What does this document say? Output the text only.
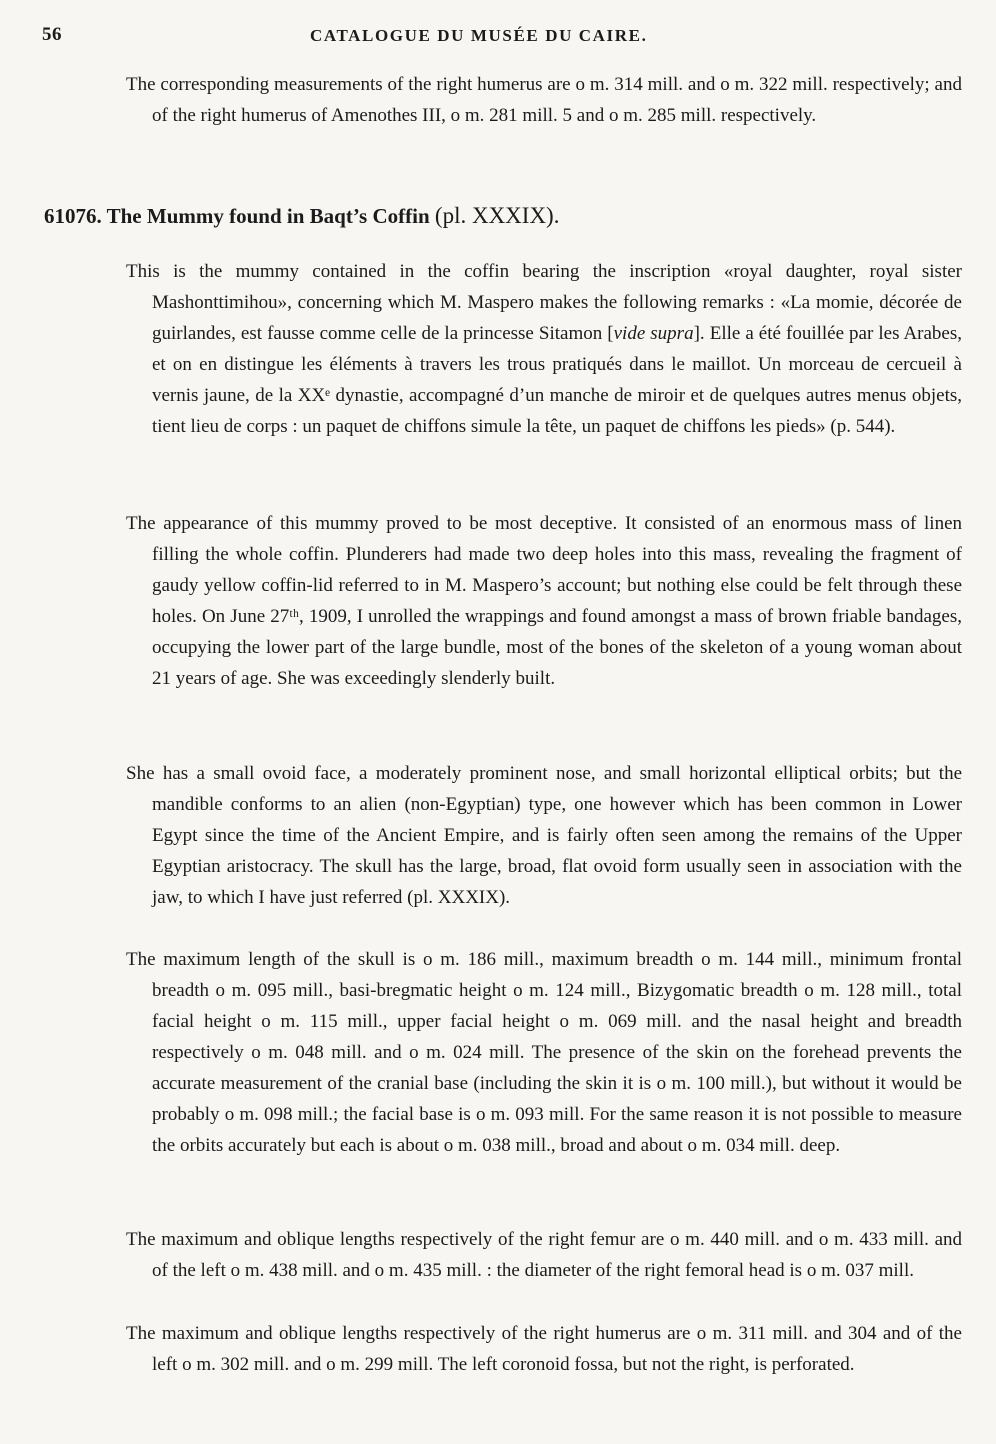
56	CATALOGUE DU MUSÉE DU CAIRE.

The corresponding measurements of the right humerus are o m. 314 mill. and o m. 322 mill. respectively; and of the right humerus of Amenothes III, o m. 281 mill. 5 and o m. 285 mill. respectively.

61076. The Mummy found in Baqt’s Coffin (pl. XXXIX).

This is the mummy contained in the coffin bearing the inscription «royal daughter, royal sister Mashonttimihou», concerning which M. Maspero makes the following remarks : «La momie, décorée de guirlandes, est fausse comme celle de la princesse Sitamon [vide supra]. Elle a été fouillée par les Arabes, et on en distingue les éléments à travers les trous pratiqués dans le maillot. Un morceau de cercueil à vernis jaune, de la XXᵉ dynastie, accompagné d’un manche de miroir et de quelques autres menus objets, tient lieu de corps : un paquet de chiffons simule la tête, un paquet de chiffons les pieds» (p. 544).

The appearance of this mummy proved to be most deceptive. It consisted of an enormous mass of linen filling the whole coffin. Plunderers had made two deep holes into this mass, revealing the fragment of gaudy yellow coffin-lid referred to in M. Maspero’s account; but nothing else could be felt through these holes. On June 27ᵗʰ, 1909, I unrolled the wrappings and found amongst a mass of brown friable bandages, occupying the lower part of the large bundle, most of the bones of the skeleton of a young woman about 21 years of age. She was exceedingly slenderly built.

She has a small ovoid face, a moderately prominent nose, and small horizontal elliptical orbits; but the mandible conforms to an alien (non-Egyptian) type, one however which has been common in Lower Egypt since the time of the Ancient Empire, and is fairly often seen among the remains of the Upper Egyptian aristocracy. The skull has the large, broad, flat ovoid form usually seen in association with the jaw, to which I have just referred (pl. XXXIX).

The maximum length of the skull is o m. 186 mill., maximum breadth o m. 144 mill., minimum frontal breadth o m. 095 mill., basi-bregmatic height o m. 124 mill., Bizygomatic breadth o m. 128 mill., total facial height o m. 115 mill., upper facial height o m. 069 mill. and the nasal height and breadth respectively o m. 048 mill. and o m. 024 mill. The presence of the skin on the forehead prevents the accurate measurement of the cranial base (including the skin it is o m. 100 mill.), but without it would be probably o m. 098 mill.; the facial base is o m. 093 mill. For the same reason it is not possible to measure the orbits accurately but each is about o m. 038 mill., broad and about o m. 034 mill. deep.

The maximum and oblique lengths respectively of the right femur are o m. 440 mill. and o m. 433 mill. and of the left o m. 438 mill. and o m. 435 mill. : the diameter of the right femoral head is o m. 037 mill.

The maximum and oblique lengths respectively of the right humerus are o m. 311 mill. and 304 and of the left o m. 302 mill. and o m. 299 mill. The left coronoid fossa, but not the right, is perforated.
